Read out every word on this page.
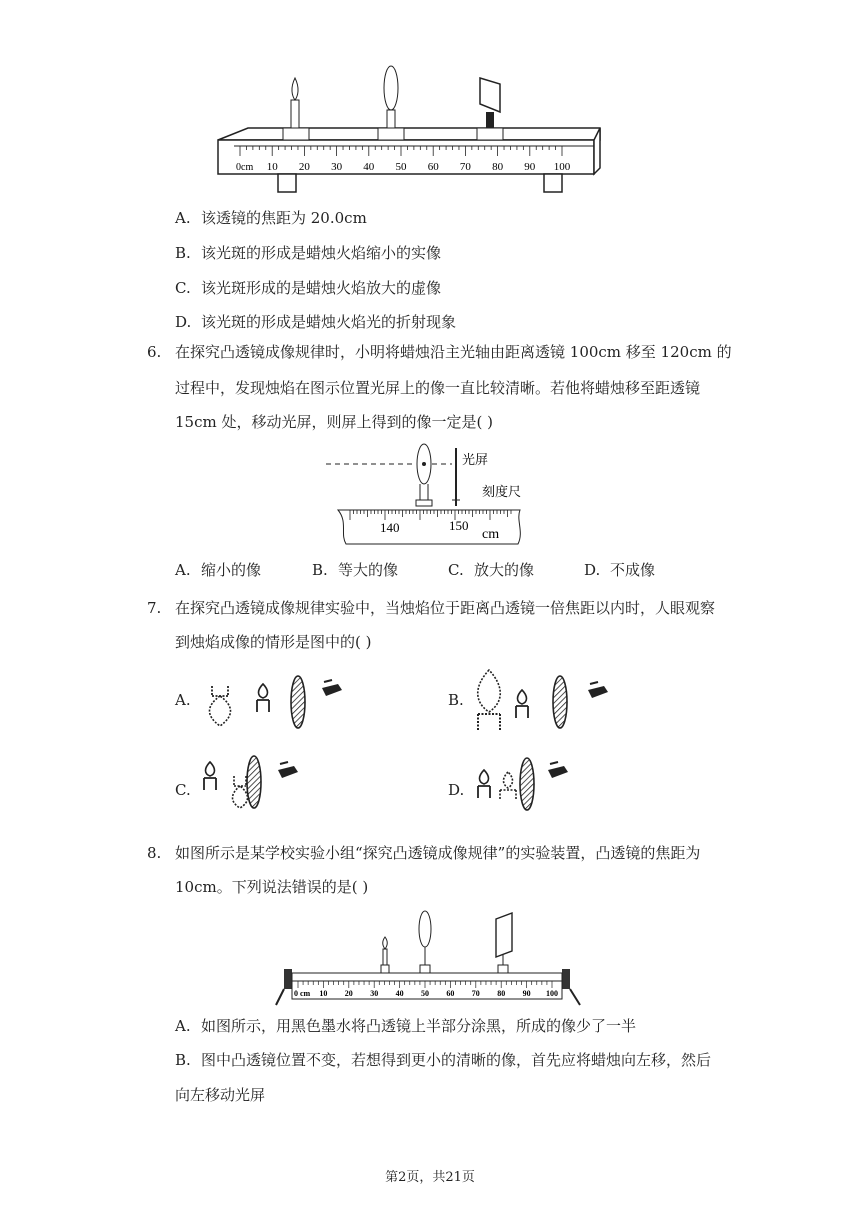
10 20 30 40 50 60 70 80 90 100
0cm
A. 该透镜的焦距为 20.0cm
B. 该光斑的形成是蜡烛火焰缩小的实像
C. 该光斑形成的是蜡烛火焰放大的虚像
D. 该光斑的形成是蜡烛火焰光的折射现象
6. 在探究凸透镜成像规律时，小明将蜡烛沿主光轴由距离透镜 100cm 移至 120cm 的
过程中，发现烛焰在图示位置光屏上的像一直比较清晰。若他将蜡烛移至距透镜
15cm 处，移动光屏，则屏上得到的像一定是( )
光屏
刻度尺
140	150
cm
A. 缩小的像	B. 等大的像	C. 放大的像	D. 不成像
7. 在探究凸透镜成像规律实验中，当烛焰位于距离凸透镜一倍焦距以内时，人眼观察
到烛焰成像的情形是图中的( )
A.	B.
C.	D.
8. 如图所示是某学校实验小组“探究凸透镜成像规律”的实验装置，凸透镜的焦距为
10cm。下列说法错误的是( )
10 20 30 40 50 60 70 80 90 100
0 cm
A. 如图所示，用黑色墨水将凸透镜上半部分涂黑，所成的像少了一半
B. 图中凸透镜位置不变，若想得到更小的清晰的像，首先应将蜡烛向左移，然后
向左移动光屏
第2页，共21页
